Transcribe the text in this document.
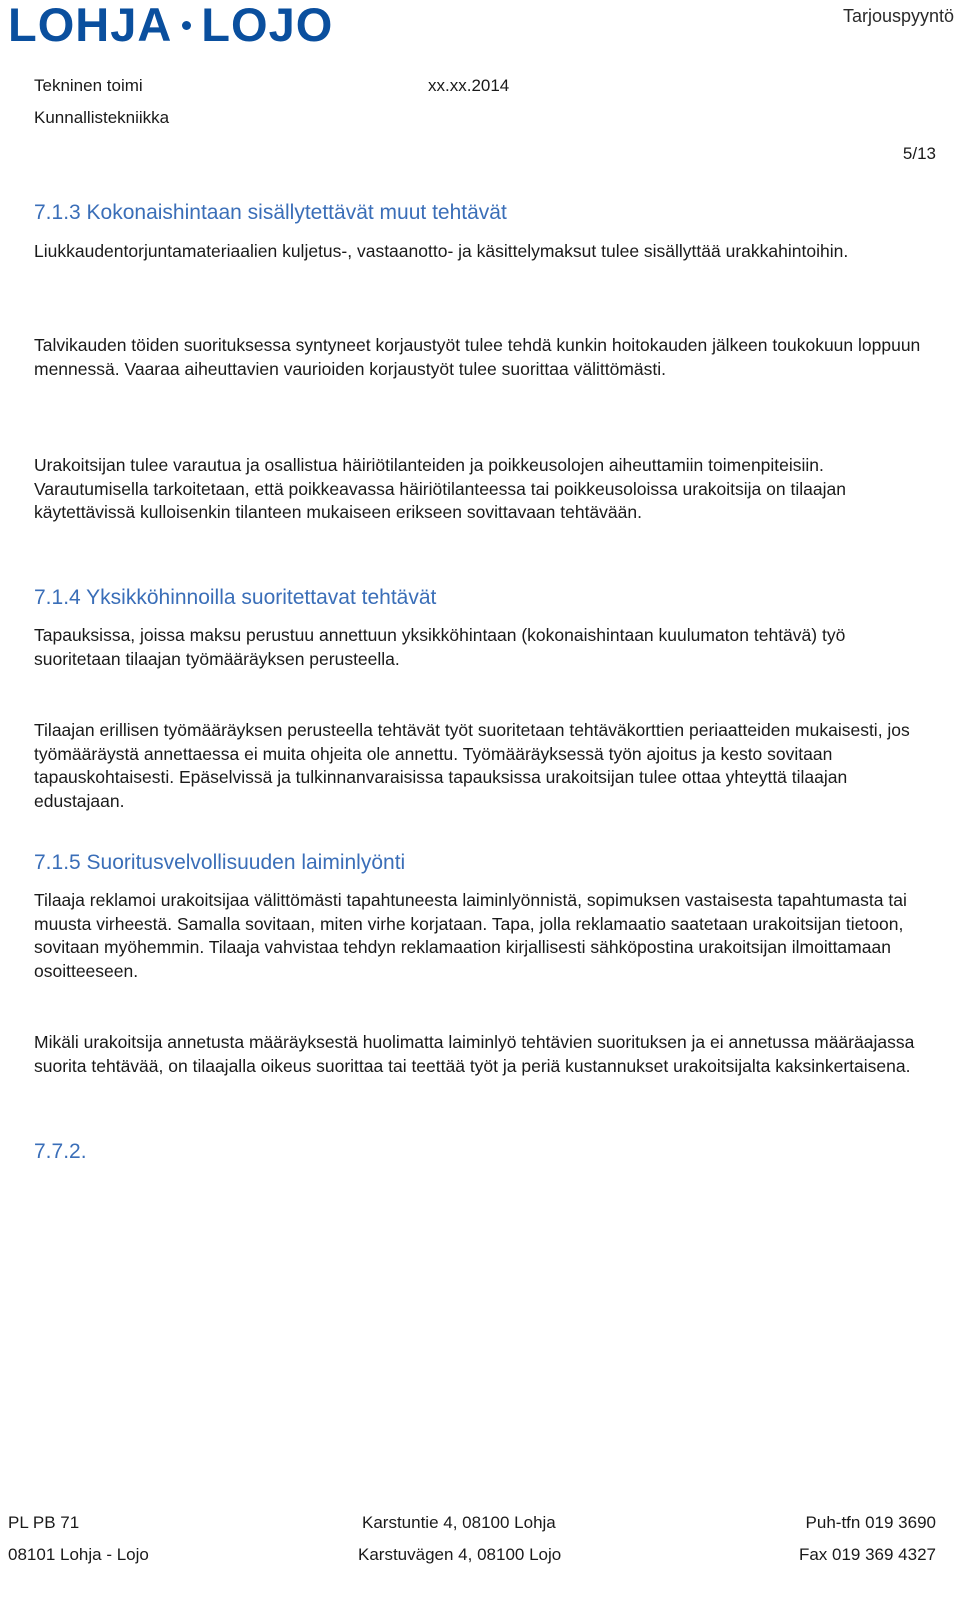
LOHJA LOJO	Tarjouspyyntö
Tekninen toimi
Kunnallistekniikka
xx.xx.2014
5/13
7.1.3 Kokonaishintaan sisällytettävät muut tehtävät

Liukkaudentorjuntamateriaalien kuljetus-, vastaanotto- ja käsittelymaksut tulee sisällyttää urakkahintoihin.

Talvikauden töiden suorituksessa syntyneet korjaustyöt tulee tehdä kunkin hoitokauden jälkeen toukokuun loppuun mennessä. Vaaraa aiheuttavien vaurioiden korjaustyöt tulee suorittaa välittömästi.

Urakoitsijan tulee varautua ja osallistua häiriötilanteiden ja poikkeusolojen aiheuttamiin toimenpiteisiin. Varautumisella tarkoitetaan, että poikkeavassa häiriötilanteessa tai poikkeusoloissa urakoitsija on tilaajan käytettävissä kulloisenkin tilanteen mukaiseen erikseen sovittavaan tehtävään.

7.1.4 Yksikköhinnoilla suoritettavat tehtävät

Tapauksissa, joissa maksu perustuu annettuun yksikköhintaan (kokonaishintaan kuulumaton tehtävä) työ suoritetaan tilaajan työmääräyksen perusteella.

Tilaajan erillisen työmääräyksen perusteella tehtävät työt suoritetaan tehtäväkorttien periaatteiden mukaisesti, jos työmääräystä annettaessa ei muita ohjeita ole annettu. Työmääräyksessä työn ajoitus ja kesto sovitaan tapauskohtaisesti. Epäselvissä ja tulkinnanvaraisissa tapauksissa urakoitsijan tulee ottaa yhteyttä tilaajan edustajaan.

7.1.5 Suoritusvelvollisuuden laiminlyönti

Tilaaja reklamoi urakoitsijaa välittömästi tapahtuneesta laiminlyönnistä, sopimuksen vastaisesta tapahtumasta tai muusta virheestä. Samalla sovitaan, miten virhe korjataan. Tapa, jolla reklamaatio saatetaan urakoitsijan tietoon, sovitaan myöhemmin. Tilaaja vahvistaa tehdyn reklamaation kirjallisesti sähköpostina urakoitsijan ilmoittamaan osoitteeseen.

Mikäli urakoitsija annetusta määräyksestä huolimatta laiminlyö tehtävien suorituksen ja ei annetussa määräajassa suorita tehtävää, on tilaajalla oikeus suorittaa tai teettää työt ja periä kustannukset urakoitsijalta kaksinkertaisena.

7.7.2.
PL PB 71
08101 Lohja - Lojo
Karstuntie 4, 08100 Lohja
Karstuvägen 4, 08100 Lojo
Puh-tfn 019 3690
Fax 019 369 4327
